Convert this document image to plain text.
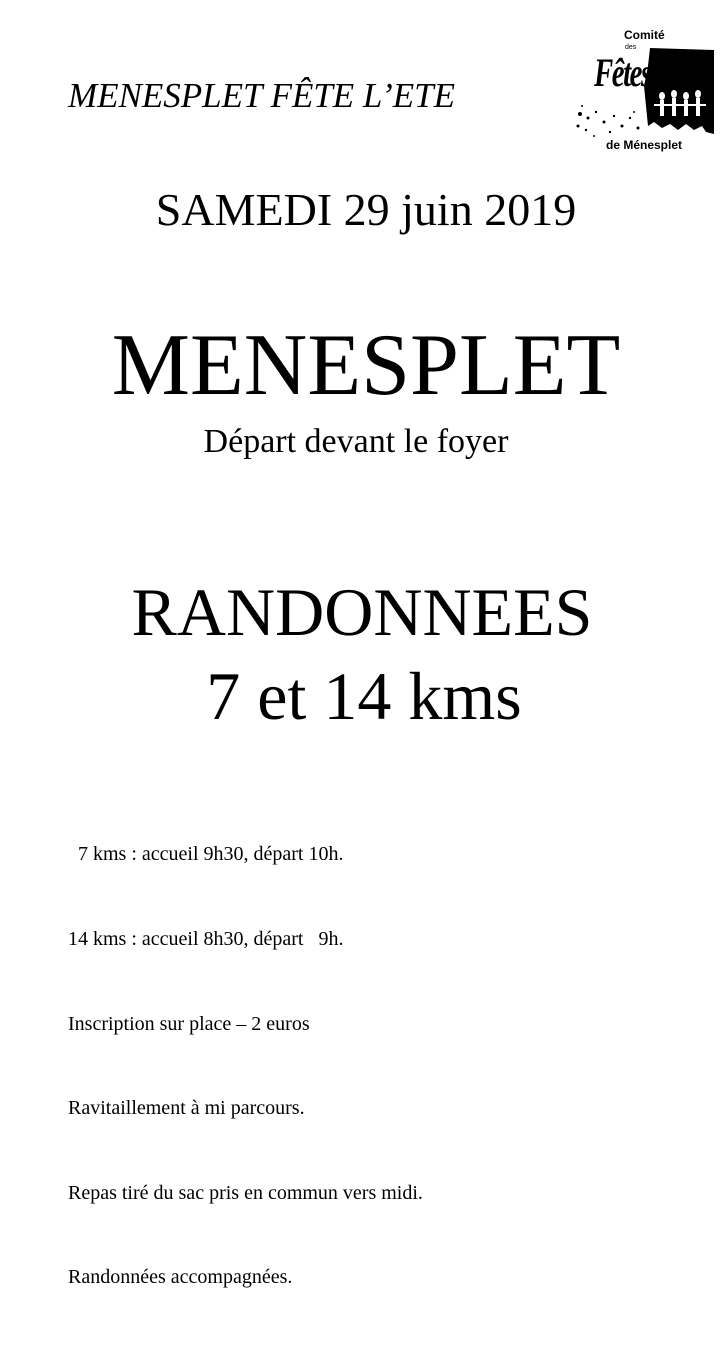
MENESPLET FÊTE L’ETE
Comité
des
Fêtes
de Ménesplet
SAMEDI 29 juin 2019
MENESPLET
Départ devant le foyer
RANDONNEES
7 et 14 kms

7 kms : accueil 9h30, départ 10h.

14 kms : accueil 8h30, départ   9h.

Inscription sur place – 2 euros

Ravitaillement à mi parcours.

Repas tiré du sac pris en commun vers midi.

Randonnées accompagnées.
